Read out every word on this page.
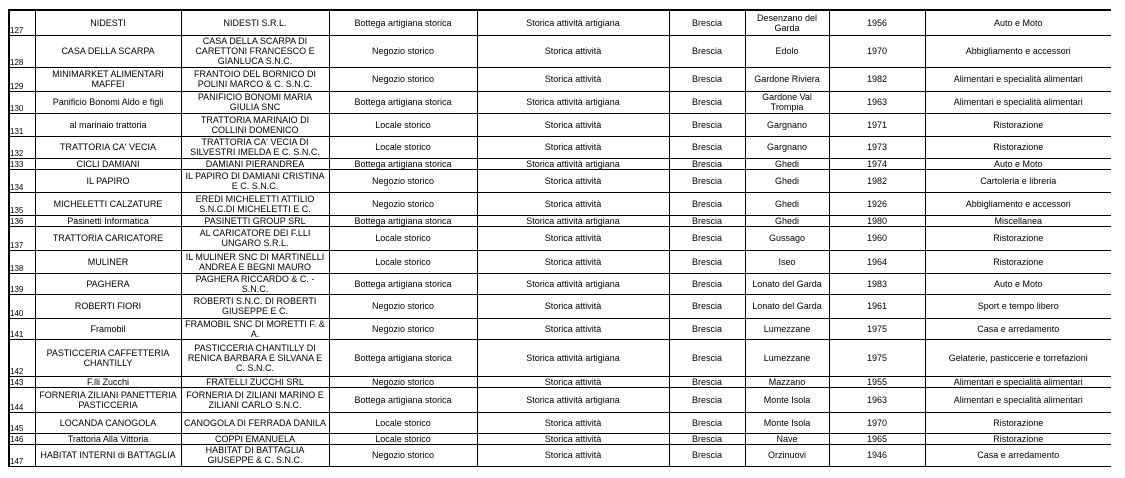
127	NIDESTI	NIDESTI S.R.L.	Bottega artigiana storica	Storica attività artigiana	Brescia	Desenzano del Garda	1956	Auto e Moto
128	CASA DELLA SCARPA	CASA DELLA SCARPA DI CARETTONI FRANCESCO E GIANLUCA S.N.C.	Negozio storico	Storica attività	Brescia	Edolo	1970	Abbigliamento e accessori
129	MINIMARKET ALIMENTARI MAFFEI	FRANTOIO DEL BORNICO DI POLINI MARCO & C. S.N.C.	Negozio storico	Storica attività	Brescia	Gardone Riviera	1982	Alimentari e specialità alimentari
130	Panificio Bonomi Aldo e figli	PANIFICIO BONOMI MARIA GIULIA SNC	Bottega artigiana storica	Storica attività artigiana	Brescia	Gardone Val Trompia	1963	Alimentari e specialità alimentari
131	al marinaio trattoria	TRATTORIA MARINAIO DI COLLINI DOMENICO	Locale storico	Storica attività	Brescia	Gargnano	1971	Ristorazione
132	TRATTORIA CA' VECIA	TRATTORIA CA' VECIA DI SILVESTRI IMELDA E C. S.N.C.	Locale storico	Storica attività	Brescia	Gargnano	1973	Ristorazione
133	CICLI DAMIANI	DAMIANI PIERANDREA	Bottega artigiana storica	Storica attività artigiana	Brescia	Ghedi	1974	Auto e Moto
134	IL PAPIRO	IL PAPIRO DI DAMIANI CRISTINA E C. S.N.C.	Negozio storico	Storica attività	Brescia	Ghedi	1982	Cartoleria e libreria
135	MICHELETTI CALZATURE	EREDI MICHELETTI ATTILIO S.N.C.DI MICHELETTI E C.	Negozio storico	Storica attività	Brescia	Ghedi	1926	Abbigliamento e accessori
136	Pasinetti Informatica	PASINETTI GROUP SRL	Bottega artigiana storica	Storica attività artigiana	Brescia	Ghedi	1980	Miscellanea
137	TRATTORIA CARICATORE	AL CARICATORE DEI F.LLI UNGARO S.R.L.	Locale storico	Storica attività	Brescia	Gussago	1960	Ristorazione
138	MULINER	IL MULINER SNC DI MARTINELLI ANDREA E BEGNI MAURO	Locale storico	Storica attività	Brescia	Iseo	1964	Ristorazione
139	PAGHERA	PAGHERA RICCARDO & C. - S.N.C.	Bottega artigiana storica	Storica attività artigiana	Brescia	Lonato del Garda	1983	Auto e Moto
140	ROBERTI FIORI	ROBERTI S.N.C. DI ROBERTI GIUSEPPE E C.	Negozio storico	Storica attività	Brescia	Lonato del Garda	1961	Sport e tempo libero
141	Framobil	FRAMOBIL SNC DI MORETTI F. & A.	Negozio storico	Storica attività	Brescia	Lumezzane	1975	Casa e arredamento
142	PASTICCERIA CAFFETTERIA CHANTILLY	PASTICCERIA CHANTILLY DI RENICA BARBARA E SILVANA E C. S.N.C.	Bottega artigiana storica	Storica attività artigiana	Brescia	Lumezzane	1975	Gelaterie, pasticcerie e torrefazioni
143	F.lli Zucchi	FRATELLI ZUCCHI SRL	Negozio storico	Storica attività	Brescia	Mazzano	1955	Alimentari e specialità alimentari
144	FORNERIA ZILIANI PANETTERIA PASTICCERIA	FORNERIA DI ZILIANI MARINO E ZILIANI CARLO S.N.C.	Bottega artigiana storica	Storica attività artigiana	Brescia	Monte Isola	1963	Alimentari e specialità alimentari
145	LOCANDA CANOGOLA	CANOGOLA DI FERRADA DANILA	Locale storico	Storica attività	Brescia	Monte Isola	1970	Ristorazione
146	Trattoria Alla Vittoria	COPPI EMANUELA	Locale storico	Storica attività	Brescia	Nave	1965	Ristorazione
147	HABITAT INTERNI di BATTAGLIA	HABITAT DI BATTAGLIA GIUSEPPE & C. S.N.C.	Negozio storico	Storica attività	Brescia	Orzinuovi	1946	Casa e arredamento
